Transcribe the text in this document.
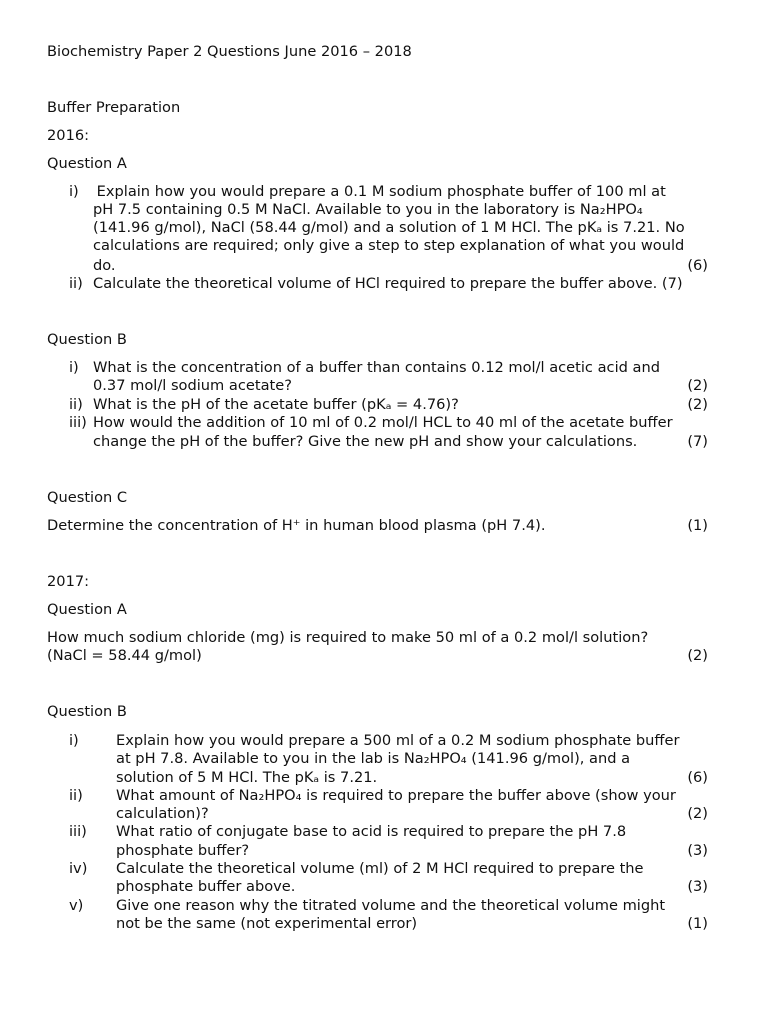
Biochemistry Paper 2 Questions June 2016 – 2018
Buffer Preparation
2016:
Question A
i) Explain how you would prepare a 0.1 M sodium phosphate buffer of 100 ml at
pH 7.5 containing 0.5 M NaCl. Available to you in the laboratory is Na₂HPO₄
(141.96 g/mol), NaCl (58.44 g/mol) and a solution of 1 M HCl. The pKₐ is 7.21. No
calculations are required; only give a step to step explanation of what you would
do.	(6)
ii) Calculate the theoretical volume of HCl required to prepare the buffer above. (7)
Question B
i) What is the concentration of a buffer than contains 0.12 mol/l acetic acid and
0.37 mol/l sodium acetate?	(2)
ii) What is the pH of the acetate buffer (pKₐ = 4.76)?	(2)
iii) How would the addition of 10 ml of 0.2 mol/l HCL to 40 ml of the acetate buffer
change the pH of the buffer? Give the new pH and show your calculations.	(7)
Question C
Determine the concentration of H⁺ in human blood plasma (pH 7.4).	(1)
2017:
Question A
How much sodium chloride (mg) is required to make 50 ml of a 0.2 mol/l solution?
(NaCl = 58.44 g/mol)	(2)
Question B
i)	Explain how you would prepare a 500 ml of a 0.2 M sodium phosphate buffer
at pH 7.8. Available to you in the lab is Na₂HPO₄ (141.96 g/mol), and a
solution of 5 M HCl. The pKₐ is 7.21.	(6)
ii) What amount of Na₂HPO₄ is required to prepare the buffer above (show your
calculation)?	(2)
iii) What ratio of conjugate base to acid is required to prepare the pH 7.8
phosphate buffer?	(3)
iv) Calculate the theoretical volume (ml) of 2 M HCl required to prepare the
phosphate buffer above.	(3)
v) Give one reason why the titrated volume and the theoretical volume might
not be the same (not experimental error)	(1)
